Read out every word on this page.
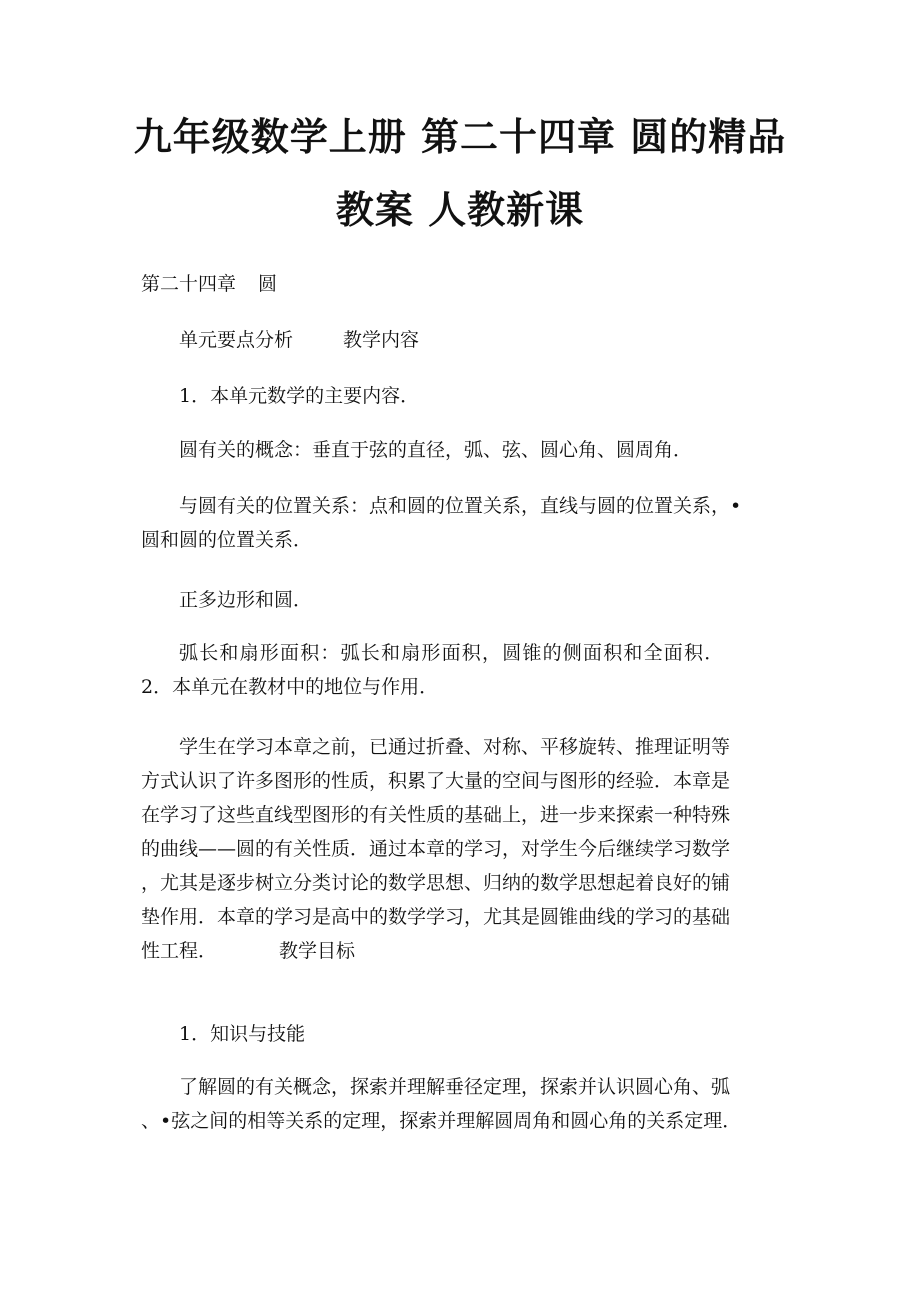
九年级数学上册 第二十四章 圆的精品
教案 人教新课
第二十四章 圆
单元要点分析	教学内容
1．本单元数学的主要内容．
圆有关的概念：垂直于弦的直径，弧、弦、圆心角、圆周角．
与圆有关的位置关系：点和圆的位置关系，直线与圆的位置关系，•
圆和圆的位置关系．
正多边形和圆．
弧长和扇形面积：弧长和扇形面积，圆锥的侧面积和全面积．
2．本单元在教材中的地位与作用．
学生在学习本章之前，已通过折叠、对称、平移旋转、推理证明等
方式认识了许多图形的性质，积累了大量的空间与图形的经验．本章是
在学习了这些直线型图形的有关性质的基础上，进一步来探索一种特殊
的曲线——圆的有关性质．通过本章的学习，对学生今后继续学习数学
，尤其是逐步树立分类讨论的数学思想、归纳的数学思想起着良好的铺
垫作用．本章的学习是高中的数学学习，尤其是圆锥曲线的学习的基础
性工程．	教学目标
1．知识与技能
了解圆的有关概念，探索并理解垂径定理，探索并认识圆心角、弧
、•弦之间的相等关系的定理，探索并理解圆周角和圆心角的关系定理．
